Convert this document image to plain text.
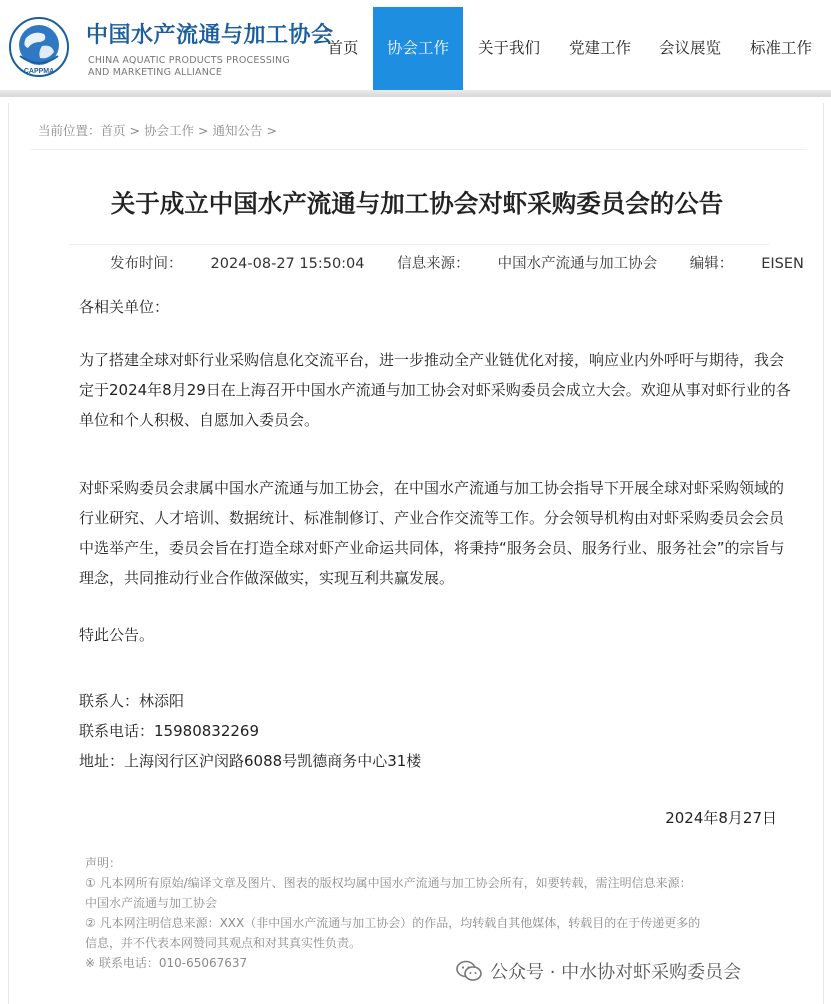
CAPPMA
中国水产流通与加工协会
CHINA AQUATIC PRODUCTS PROCESSING
AND MARKETING ALLIANCE
首页	协会工作	关于我们	党建工作	会议展览	标准工作
当前位置：首页 > 协会工作 > 通知公告 >
关于成立中国水产流通与加工协会对虾采购委员会的公告
发布时间： 2024-08-27 15:50:04 信息来源： 中国水产流通与加工协会 编辑： EISEN
各相关单位：
为了搭建全球对虾行业采购信息化交流平台，进一步推动全产业链优化对接，响应业内外呼吁与期待，我会定于2024年8月29日在上海召开中国水产流通与加工协会对虾采购委员会成立大会。欢迎从事对虾行业的各单位和个人积极、自愿加入委员会。
对虾采购委员会隶属中国水产流通与加工协会，在中国水产流通与加工协会指导下开展全球对虾采购领域的行业研究、人才培训、数据统计、标准制修订、产业合作交流等工作。分会领导机构由对虾采购委员会会员中选举产生，委员会旨在打造全球对虾产业命运共同体，将秉持“服务会员、服务行业、服务社会”的宗旨与理念，共同推动行业合作做深做实，实现互利共赢发展。
特此公告。
联系人：林添阳
联系电话：15980832269
地址：上海闵行区沪闵路6088号凯德商务中心31楼
2024年8月27日
声明：
① 凡本网所有原始/编译文章及图片、图表的版权均属中国水产流通与加工协会所有，如要转载，需注明信息来源：
中国水产流通与加工协会
② 凡本网注明信息来源：XXX（非中国水产流通与加工协会）的作品，均转载自其他媒体，转载目的在于传递更多的
信息，并不代表本网赞同其观点和对其真实性负责。
※ 联系电话：010-65067637	公众号 · 中水协对虾采购委员会
